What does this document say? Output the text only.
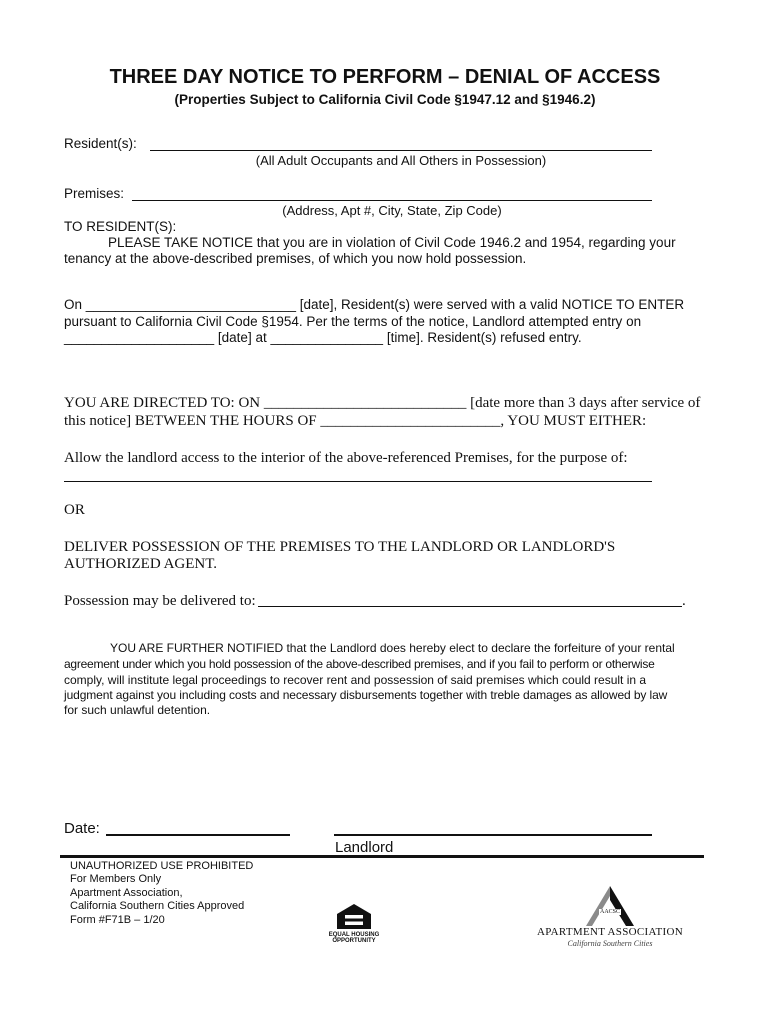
THREE DAY NOTICE TO PERFORM – DENIAL OF ACCESS
(Properties Subject to California Civil Code §1947.12 and §1946.2)
Resident(s):
(All Adult Occupants and All Others in Possession)
Premises:
(Address, Apt #, City, State, Zip Code)
TO RESIDENT(S):
PLEASE TAKE NOTICE that you are in violation of Civil Code 1946.2 and 1954, regarding your
tenancy at the above-described premises, of which you now hold possession.
On ____________________________ [date], Resident(s) were served with a valid NOTICE TO ENTER
pursuant to California Civil Code §1954. Per the terms of the notice, Landlord attempted entry on
____________________ [date] at _______________ [time]. Resident(s) refused entry.
YOU ARE DIRECTED TO: ON ___________________________ [date more than 3 days after service of
this notice] BETWEEN THE HOURS OF ________________________, YOU MUST EITHER:
Allow the landlord access to the interior of the above-referenced Premises, for the purpose of:
OR
DELIVER POSSESSION OF THE PREMISES TO THE LANDLORD OR LANDLORD'S
AUTHORIZED AGENT.
Possession may be delivered to:	.
YOU ARE FURTHER NOTIFIED that the Landlord does hereby elect to declare the forfeiture of your rental
agreement under which you hold possession of the above-described premises, and if you fail to perform or otherwise
comply, will institute legal proceedings to recover rent and possession of said premises which could result in a
judgment against you including costs and necessary disbursements together with treble damages as allowed by law
for such unlawful detention.
Date:
Landlord
UNAUTHORIZED USE PROHIBITED
For Members Only
Apartment Association,
California Southern Cities Approved
Form #F71B – 1/20
EQUAL HOUSING
OPPORTUNITY
AACSC
APARTMENT ASSOCIATION
California Southern Cities
